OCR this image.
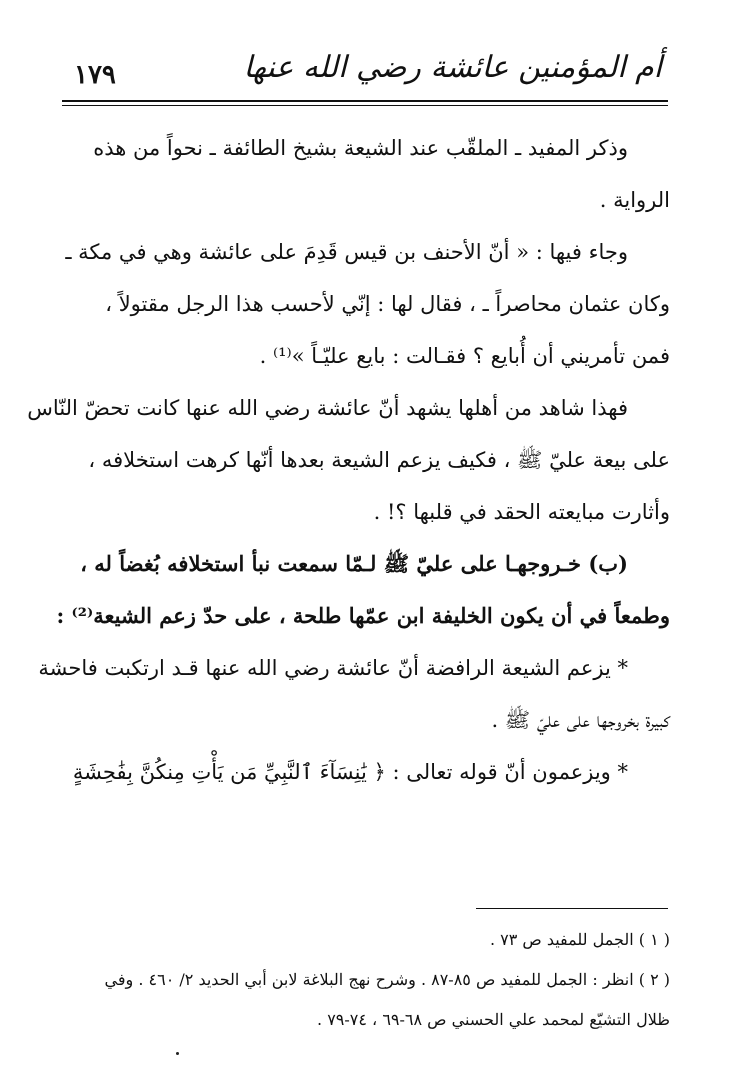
أم المؤمنين عائشة رضي الله عنها
١٧٩
وذكر المفيد ـ الملقّب عند الشيعة بشيخ الطائفة ـ نحواً من هذه
الرواية .
وجاء فيها : « أنّ الأحنف بن قيس قَدِمَ على عائشة وهي في مكة ـ
وكان عثمان محاصراً ـ ، فقال لها : إنّي لأحسب هذا الرجل مقتولاً ،
فمن تأمريني أن أُبايع ؟ فقـالت : بايع عليّـاً »⁽¹⁾ .
فهذا شاهد من أهلها يشهد أنّ عائشة رضي الله عنها كانت تحضّ النّاس
على بيعة عليّ ﷺ ، فكيف يزعم الشيعة بعدها أنّها كرهت استخلافه ،
وأثارت مبايعته الحقد في قلبها ؟! .
(ب) خـروجهـا على عليّ ﷺ لـمّا سمعت نبأ استخلافه بُغضاً له ،
وطمعاً في أن يكون الخليفة ابن عمّها طلحة ، على حدّ زعم الشيعة⁽²⁾ :
* يزعم الشيعة الرافضة أنّ عائشة رضي الله عنها قـد ارتكبت فاحشة
كبيرة بخروجها على عليّ ﷺ .
* ويزعمون أنّ قوله تعالى : ﴿ يَٰنِسَآءَ ٱلنَّبِيِّ مَن يَأْتِ مِنكُنَّ بِفَٰحِشَةٍ
( ١ ) الجمل للمفيد ص ٧٣ .
( ٢ ) انظر : الجمل للمفيد ص ٨٥-٨٧ . وشرح نهج البلاغة لابن أبي الحديد ٢/ ٤٦٠ . وفي
ظلال التشيّع لمحمد علي الحسني ص ٦٨-٦٩ ، ٧٤-٧٩ .
